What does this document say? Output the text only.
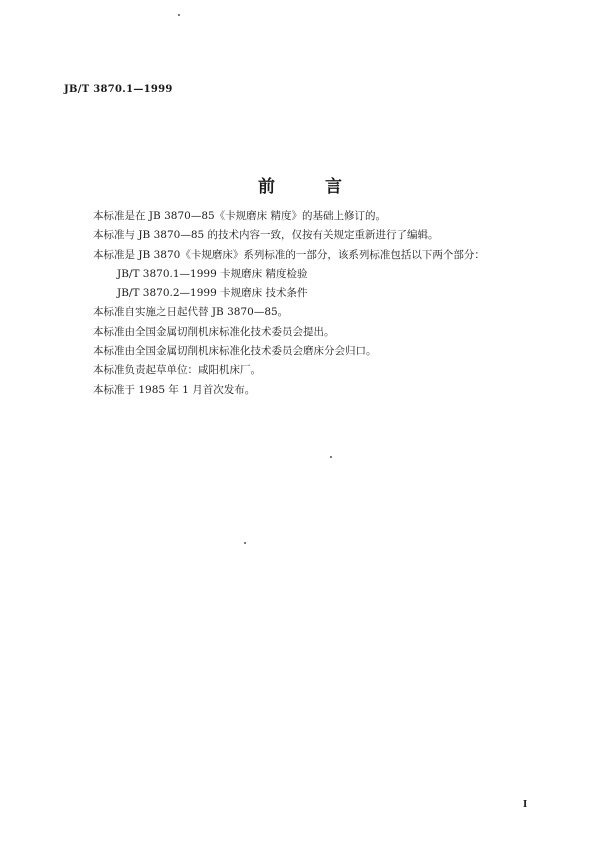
JB/T 3870.1—1999
前 言
本标准是在 JB 3870—85《卡规磨床 精度》的基础上修订的。
本标准与 JB 3870—85 的技术内容一致，仅按有关规定重新进行了编辑。
本标准是 JB 3870《卡规磨床》系列标准的一部分，该系列标准包括以下两个部分：
JB/T 3870.1—1999 卡规磨床 精度检验
JB/T 3870.2—1999 卡规磨床 技术条件
本标准自实施之日起代替 JB 3870—85。
本标准由全国金属切削机床标准化技术委员会提出。
本标准由全国金属切削机床标准化技术委员会磨床分会归口。
本标准负责起草单位：咸阳机床厂。
本标准于 1985 年 1 月首次发布。
I
